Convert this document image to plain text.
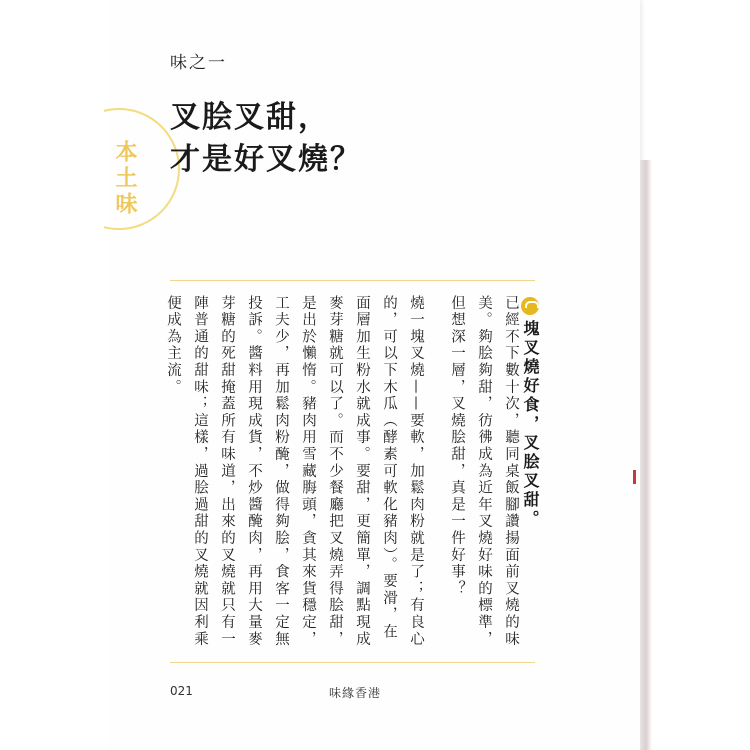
味之一
叉脍叉甜，
才是好叉燒？
本土味
塊叉燒好食，叉脍叉甜。

已經不下數十次，聽同桌飯腳讚揚面前叉燒的味美。夠脍夠甜，彷彿成為近年叉燒好味的標準，但想深一層，叉燒脍甜，真是一件好事？

燒一塊叉燒——要軟，加鬆肉粉就是了；有良心的，可以下木瓜（酵素可軟化豬肉）。要滑，在面層加生粉水就成事。要甜，更簡單，調點現成麥芽糖就可以了。而不少餐廳把叉燒弄得脍甜，是出於懶惰。豬肉用雪藏脢頭，貪其來貨穩定，工夫少，再加鬆肉粉醃，做得夠脍，食客一定無投訴。醬料用現成貨，不炒醬醃肉，再用大量麥芽糖的死甜掩蓋所有味道，出來的叉燒就只有一陣普通的甜味；這樣，過脍過甜的叉燒就因利乘便成為主流。

021	味緣香港
